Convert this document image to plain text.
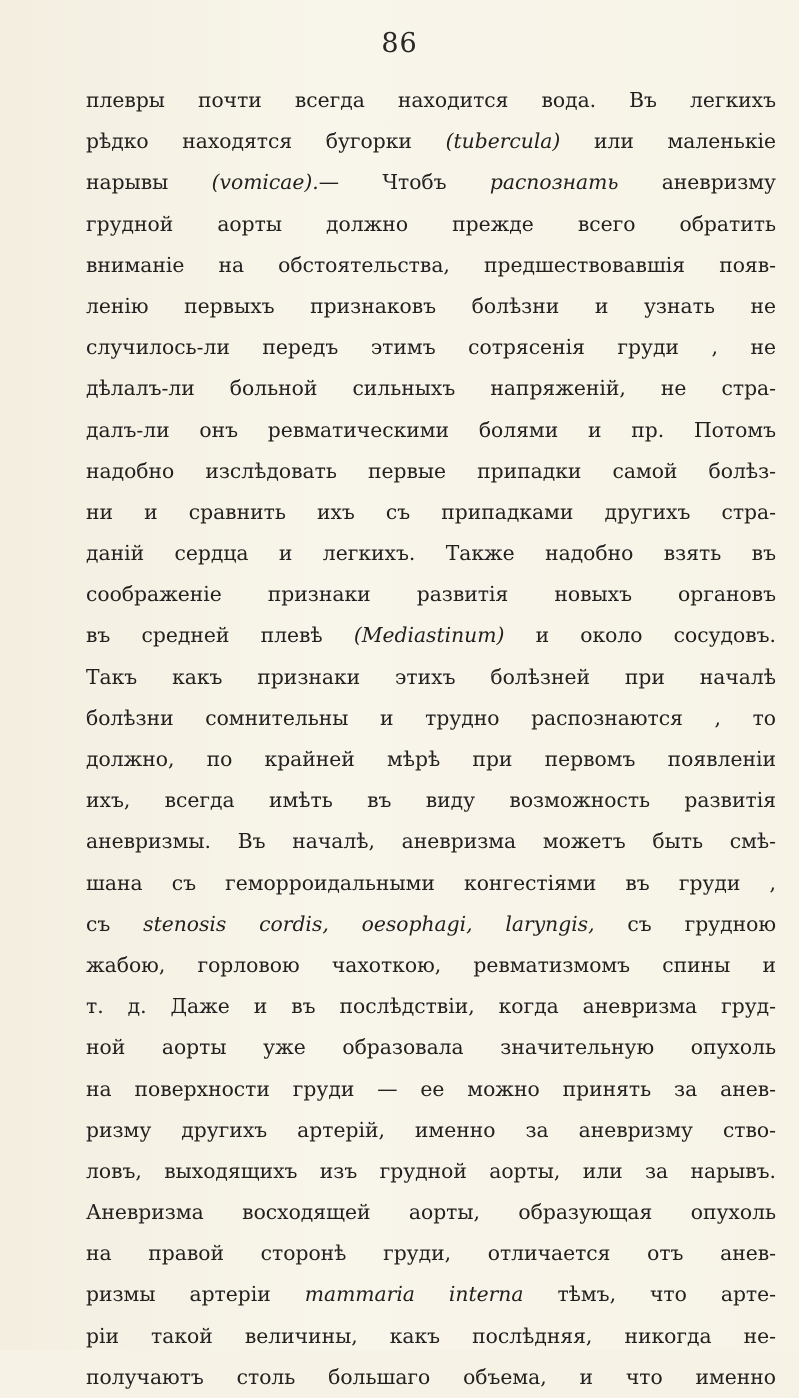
86
плевры почти всегда находится вода. Въ легкихъ
рѣдко находятся бугорки (tubercula) или маленькіе
нарывы (vomicae).— Чтобъ распознать аневризму
грудной аорты должно прежде всего обратить
вниманіе на обстоятельства, предшествовавшія появ-
ленію первыхъ признаковъ болѣзни и узнать не
случилось-ли передъ этимъ сотрясенія груди , не
дѣлалъ-ли больной сильныхъ напряженій, не стра-
далъ-ли онъ ревматическими болями и пр. Потомъ
надобно изслѣдовать первые припадки самой болѣз-
ни и сравнить ихъ съ припадками другихъ стра-
даній сердца и легкихъ. Также надобно взять въ
соображеніе признаки развитія новыхъ органовъ
въ средней плевѣ (Mediastinum) и около сосудовъ.
Такъ какъ признаки этихъ болѣзней при началѣ
болѣзни сомнительны и трудно распознаются , то
должно, по крайней мѣрѣ при первомъ появленіи
ихъ, всегда имѣть въ виду возможность развитія
аневризмы. Въ началѣ, аневризма можетъ быть смѣ-
шана съ геморроидальными конгестіями въ груди ,
съ stenosis cordis, oesophagi, laryngis, съ грудною
жабою, горловою чахоткою, ревматизмомъ спины и
т. д. Даже и въ послѣдствіи, когда аневризма груд-
ной аорты уже образовала значительную опухоль
на поверхности груди — ее можно принять за анев-
ризму другихъ артерій, именно за аневризму ство-
ловъ, выходящихъ изъ грудной аорты, или за нарывъ.
Аневризма восходящей аорты, образующая опухоль
на правой сторонѣ груди, отличается отъ анев-
ризмы артеріи mammaria interna тѣмъ, что арте-
ріи такой величины, какъ послѣдняя, никогда не-
получаютъ столь большаго объема, и что именно
